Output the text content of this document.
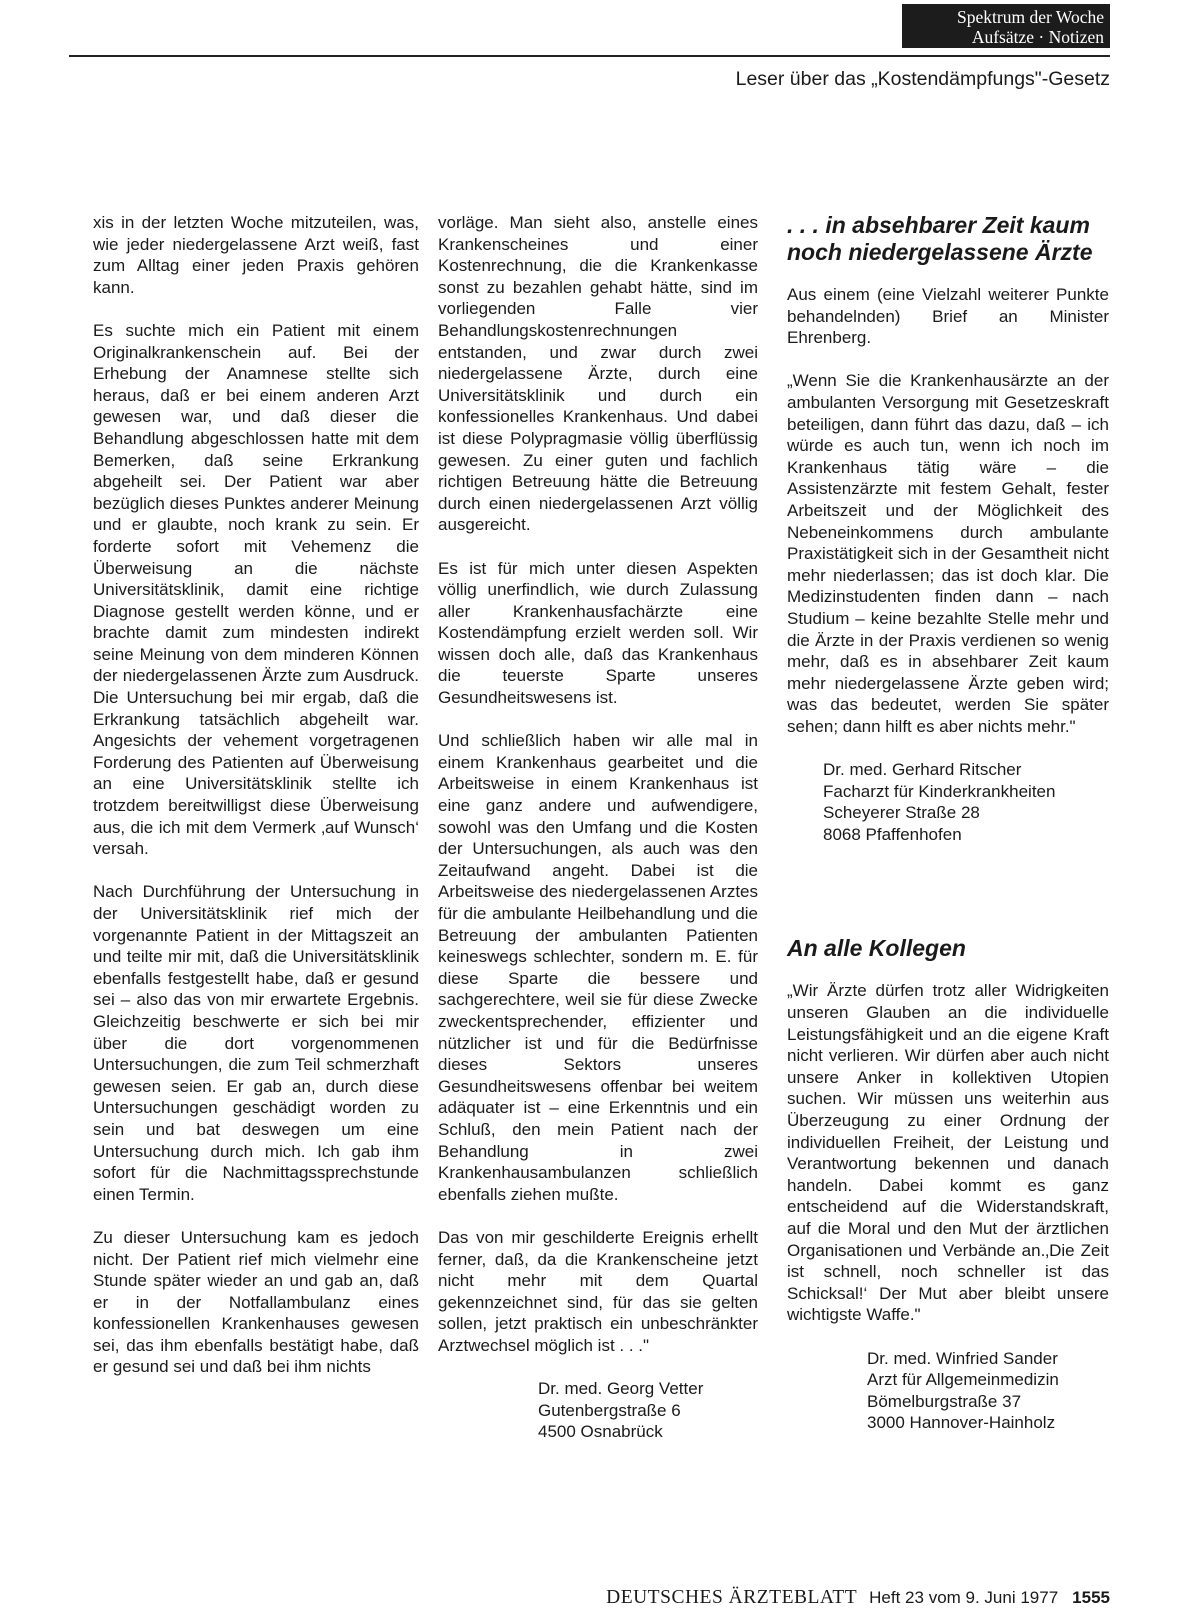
Spektrum der Woche
Aufsätze · Notizen
Leser über das „Kostendämpfungs"-Gesetz

xis in der letzten Woche mitzuteilen, was, wie jeder niedergelassene Arzt weiß, fast zum Alltag einer jeden Praxis gehören kann.

Es suchte mich ein Patient mit einem Originalkrankenschein auf. Bei der Erhebung der Anamnese stellte sich heraus, daß er bei einem anderen Arzt gewesen war, und daß dieser die Behandlung abgeschlossen hatte mit dem Bemerken, daß seine Erkrankung abgeheilt sei. Der Patient war aber bezüglich dieses Punktes anderer Meinung und er glaubte, noch krank zu sein. Er forderte sofort mit Vehemenz die Überweisung an die nächste Universitätsklinik, damit eine richtige Diagnose gestellt werden könne, und er brachte damit zum mindesten indirekt seine Meinung von dem minderen Können der niedergelassenen Ärzte zum Ausdruck. Die Untersuchung bei mir ergab, daß die Erkrankung tatsächlich abgeheilt war. Angesichts der vehement vorgetragenen Forderung des Patienten auf Überweisung an eine Universitätsklinik stellte ich trotzdem bereitwilligst diese Überweisung aus, die ich mit dem Vermerk ‚auf Wunsch‘ versah.

Nach Durchführung der Untersuchung in der Universitätsklinik rief mich der vorgenannte Patient in der Mittagszeit an und teilte mir mit, daß die Universitätsklinik ebenfalls festgestellt habe, daß er gesund sei – also das von mir erwartete Ergebnis. Gleichzeitig beschwerte er sich bei mir über die dort vorgenommenen Untersuchungen, die zum Teil schmerzhaft gewesen seien. Er gab an, durch diese Untersuchungen geschädigt worden zu sein und bat deswegen um eine Untersuchung durch mich. Ich gab ihm sofort für die Nachmittagssprechstunde einen Termin.

Zu dieser Untersuchung kam es jedoch nicht. Der Patient rief mich vielmehr eine Stunde später wieder an und gab an, daß er in der Notfallambulanz eines konfessionellen Krankenhauses gewesen sei, das ihm ebenfalls bestätigt habe, daß er gesund sei und daß bei ihm nichts

vorläge. Man sieht also, anstelle eines Krankenscheines und einer Kostenrechnung, die die Krankenkasse sonst zu bezahlen gehabt hätte, sind im vorliegenden Falle vier Behandlungskostenrechnungen entstanden, und zwar durch zwei niedergelassene Ärzte, durch eine Universitätsklinik und durch ein konfessionelles Krankenhaus. Und dabei ist diese Polypragmasie völlig überflüssig gewesen. Zu einer guten und fachlich richtigen Betreuung hätte die Betreuung durch einen niedergelassenen Arzt völlig ausgereicht.

Es ist für mich unter diesen Aspekten völlig unerfindlich, wie durch Zulassung aller Krankenhausfachärzte eine Kostendämpfung erzielt werden soll. Wir wissen doch alle, daß das Krankenhaus die teuerste Sparte unseres Gesundheitswesens ist.

Und schließlich haben wir alle mal in einem Krankenhaus gearbeitet und die Arbeitsweise in einem Krankenhaus ist eine ganz andere und aufwendigere, sowohl was den Umfang und die Kosten der Untersuchungen, als auch was den Zeitaufwand angeht. Dabei ist die Arbeitsweise des niedergelassenen Arztes für die ambulante Heilbehandlung und die Betreuung der ambulanten Patienten keineswegs schlechter, sondern m. E. für diese Sparte die bessere und sachgerechtere, weil sie für diese Zwecke zweckentsprechender, effizienter und nützlicher ist und für die Bedürfnisse dieses Sektors unseres Gesundheitswesens offenbar bei weitem adäquater ist – eine Erkenntnis und ein Schluß, den mein Patient nach der Behandlung in zwei Krankenhausambulanzen schließlich ebenfalls ziehen mußte.

Das von mir geschilderte Ereignis erhellt ferner, daß, da die Krankenscheine jetzt nicht mehr mit dem Quartal gekennzeichnet sind, für das sie gelten sollen, jetzt praktisch ein unbeschränkter Arztwechsel möglich ist . . ."

Dr. med. Georg Vetter
Gutenbergstraße 6
4500 Osnabrück

. . . in absehbarer Zeit kaum noch niedergelassene Ärzte

Aus einem (eine Vielzahl weiterer Punkte behandelnden) Brief an Minister Ehrenberg.

„Wenn Sie die Krankenhausärzte an der ambulanten Versorgung mit Gesetzeskraft beteiligen, dann führt das dazu, daß – ich würde es auch tun, wenn ich noch im Krankenhaus tätig wäre – die Assistenzärzte mit festem Gehalt, fester Arbeitszeit und der Möglichkeit des Nebeneinkommens durch ambulante Praxistätigkeit sich in der Gesamtheit nicht mehr niederlassen; das ist doch klar. Die Medizinstudenten finden dann – nach Studium – keine bezahlte Stelle mehr und die Ärzte in der Praxis verdienen so wenig mehr, daß es in absehbarer Zeit kaum mehr niedergelassene Ärzte geben wird; was das bedeutet, werden Sie später sehen; dann hilft es aber nichts mehr."

Dr. med. Gerhard Ritscher
Facharzt für Kinderkrankheiten
Scheyerer Straße 28
8068 Pfaffenhofen

An alle Kollegen

„Wir Ärzte dürfen trotz aller Widrigkeiten unseren Glauben an die individuelle Leistungsfähigkeit und an die eigene Kraft nicht verlieren. Wir dürfen aber auch nicht unsere Anker in kollektiven Utopien suchen. Wir müssen uns weiterhin aus Überzeugung zu einer Ordnung der individuellen Freiheit, der Leistung und Verantwortung bekennen und danach handeln. Dabei kommt es ganz entscheidend auf die Widerstandskraft, auf die Moral und den Mut der ärztlichen Organisationen und Verbände an.‚Die Zeit ist schnell, noch schneller ist das Schicksal!‘ Der Mut aber bleibt unsere wichtigste Waffe."

Dr. med. Winfried Sander
Arzt für Allgemeinmedizin
Bömelburgstraße 37
3000 Hannover-Hainholz

DEUTSCHES ÄRZTEBLATT Heft 23 vom 9. Juni 1977 1555
